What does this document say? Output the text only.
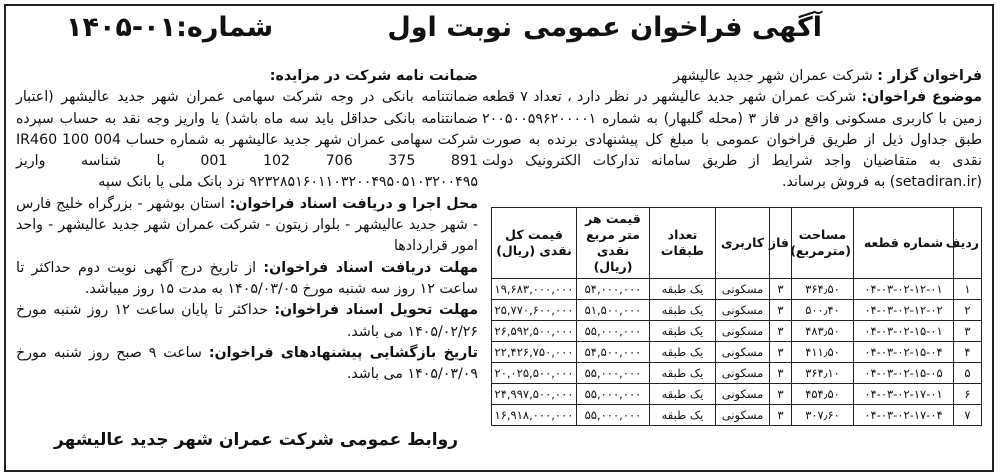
آگهی فراخوان عمومی
نوبت اول
شماره:۰۱-۱۴۰۵

فراخوان گزار : شرکت عمران شهر جدید عالیشهر

موضوع فراخوان: شرکت عمران شهر جدید عالیشهر در نظر دارد ، تعداد ۷ قطعه زمین با کاربری مسکونی واقع در فاز ۳ (محله گلبهار) به شماره ۲۰۰۵۰۰۵۹۶۲۰۰۰۰۱ طبق جداول ذیل از طریق فراخوان عمومی با مبلغ کل پیشنهادی برنده به صورت نقدی به متقاضیان واجد شرایط از طریق سامانه تدارکات الکترونیک دولت (setadiran.ir) به فروش برساند.

ردیف	شماره قطعه	مساحت (مترمربع)	فاز	کاربری	تعداد طبقات	قیمت هر متر مربع نقدی (ریال)	قیمت کل نقدی (ریال)
۱	۰۴-۰۳-۰۲-۱۲-۰۱	۳۶۴٫۵۰	۳	مسکونی	یک طبقه	۵۴,۰۰۰,۰۰۰	۱۹,۶۸۳,۰۰۰,۰۰۰
۲	۰۴-۰۳-۰۲-۱۲-۰۲	۵۰۰٫۴۰	۳	مسکونی	یک طبقه	۵۱,۵۰۰,۰۰۰	۲۵,۷۷۰,۶۰۰,۰۰۰
۳	۰۴-۰۳-۰۲-۱۵-۰۱	۴۸۳٫۵۰	۳	مسکونی	یک طبقه	۵۵,۰۰۰,۰۰۰	۲۶,۵۹۲,۵۰۰,۰۰۰
۴	۰۴-۰۳-۰۲-۱۵-۰۴	۴۱۱٫۵۰	۳	مسکونی	یک طبقه	۵۴,۵۰۰,۰۰۰	۲۲,۴۲۶,۷۵۰,۰۰۰
۵	۰۴-۰۳-۰۲-۱۵-۰۵	۳۶۴٫۱۰	۳	مسکونی	یک طبقه	۵۵,۰۰۰,۰۰۰	۲۰,۰۲۵,۵۰۰,۰۰۰
۶	۰۴-۰۳-۰۲-۱۷-۰۱	۴۵۴٫۵۰	۳	مسکونی	یک طبقه	۵۵,۰۰۰,۰۰۰	۲۴,۹۹۷,۵۰۰,۰۰۰
۷	۰۴-۰۳-۰۲-۱۷-۰۴	۳۰۷٫۶۰	۳	مسکونی	یک طبقه	۵۵,۰۰۰,۰۰۰	۱۶,۹۱۸,۰۰۰,۰۰۰

ضمانت نامه شرکت در مزایده:

ضمانتنامه بانکی در وجه شرکت سهامی عمران شهر جدید عالیشهر (اعتبار ضمانتنامه بانکی حداقل باید سه ماه باشد) یا واریز وجه نقد به حساب سپرده شرکت سهامی عمران شهر جدید عالیشهر به شماره حساب IR460 100 004 001 102 706 375 891 با شناسه واریز ۹۲۳۲۸۵۱۶۰۱۱۰۳۲۰۰۴۹۵۰۵۱۰۳۲۰۰۴۹۵ نزد بانک ملی یا بانک سپه

محل اجرا و دریافت اسناد فراخوان: استان بوشهر - بزرگراه خلیج فارس - شهر جدید عالیشهر - بلوار زیتون - شرکت عمران شهر جدید عالیشهر - واحد امور قراردادها

مهلت دریافت اسناد فراخوان: از تاریخ درج آگهی نوبت دوم حداکثر تا ساعت ۱۲ روز سه شنبه مورخ ۱۴۰۵/۰۳/۰۵ به مدت ۱۵ روز میباشد.

مهلت تحویل اسناد فراخوان: حداکثر تا پایان ساعت ۱۲ روز شنبه مورخ ۱۴۰۵/۰۲/۲۶ می باشد.

تاریخ بازگشایی پیشنهادهای فراخوان: ساعت ۹ صبح روز شنبه مورخ ۱۴۰۵/۰۳/۰۹ می باشد.

روابط عمومی شرکت عمران شهر جدید عالیشهر
